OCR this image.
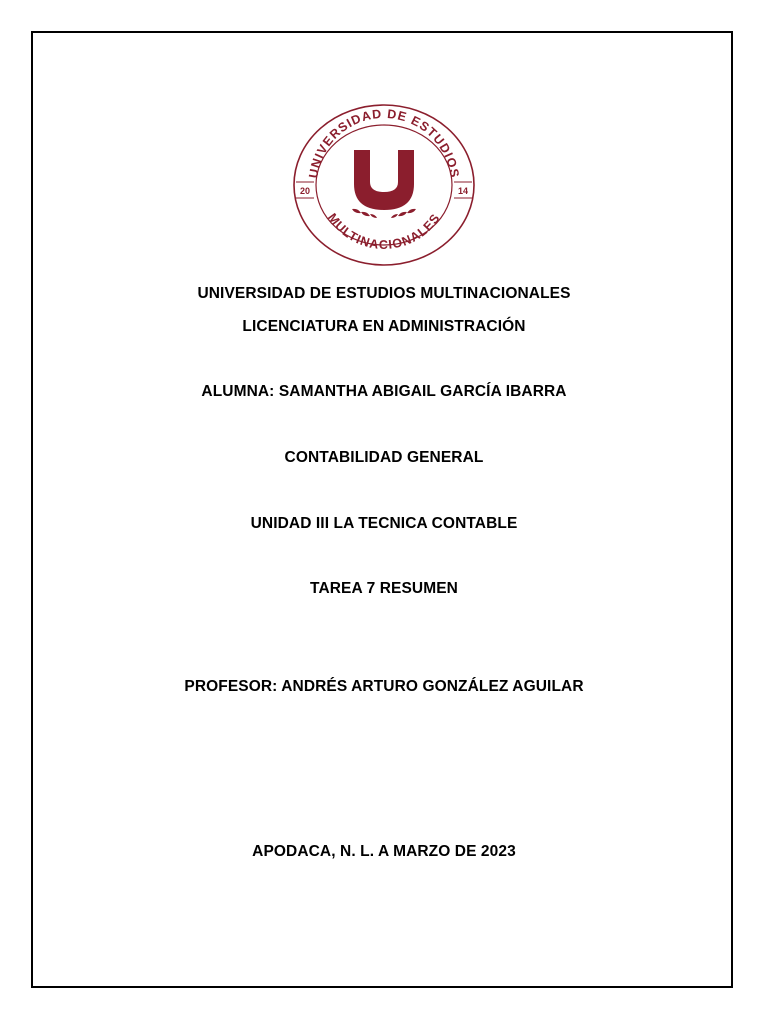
UNIVERSIDAD DE ESTUDIOS
MULTINACIONALES
20	14
UNIVERSIDAD DE ESTUDIOS MULTINACIONALES
LICENCIATURA EN ADMINISTRACIÓN
ALUMNA: SAMANTHA ABIGAIL GARCÍA IBARRA
CONTABILIDAD GENERAL
UNIDAD III LA TECNICA CONTABLE
TAREA 7 RESUMEN
PROFESOR: ANDRÉS ARTURO GONZÁLEZ AGUILAR
APODACA, N. L. A MARZO DE 2023
